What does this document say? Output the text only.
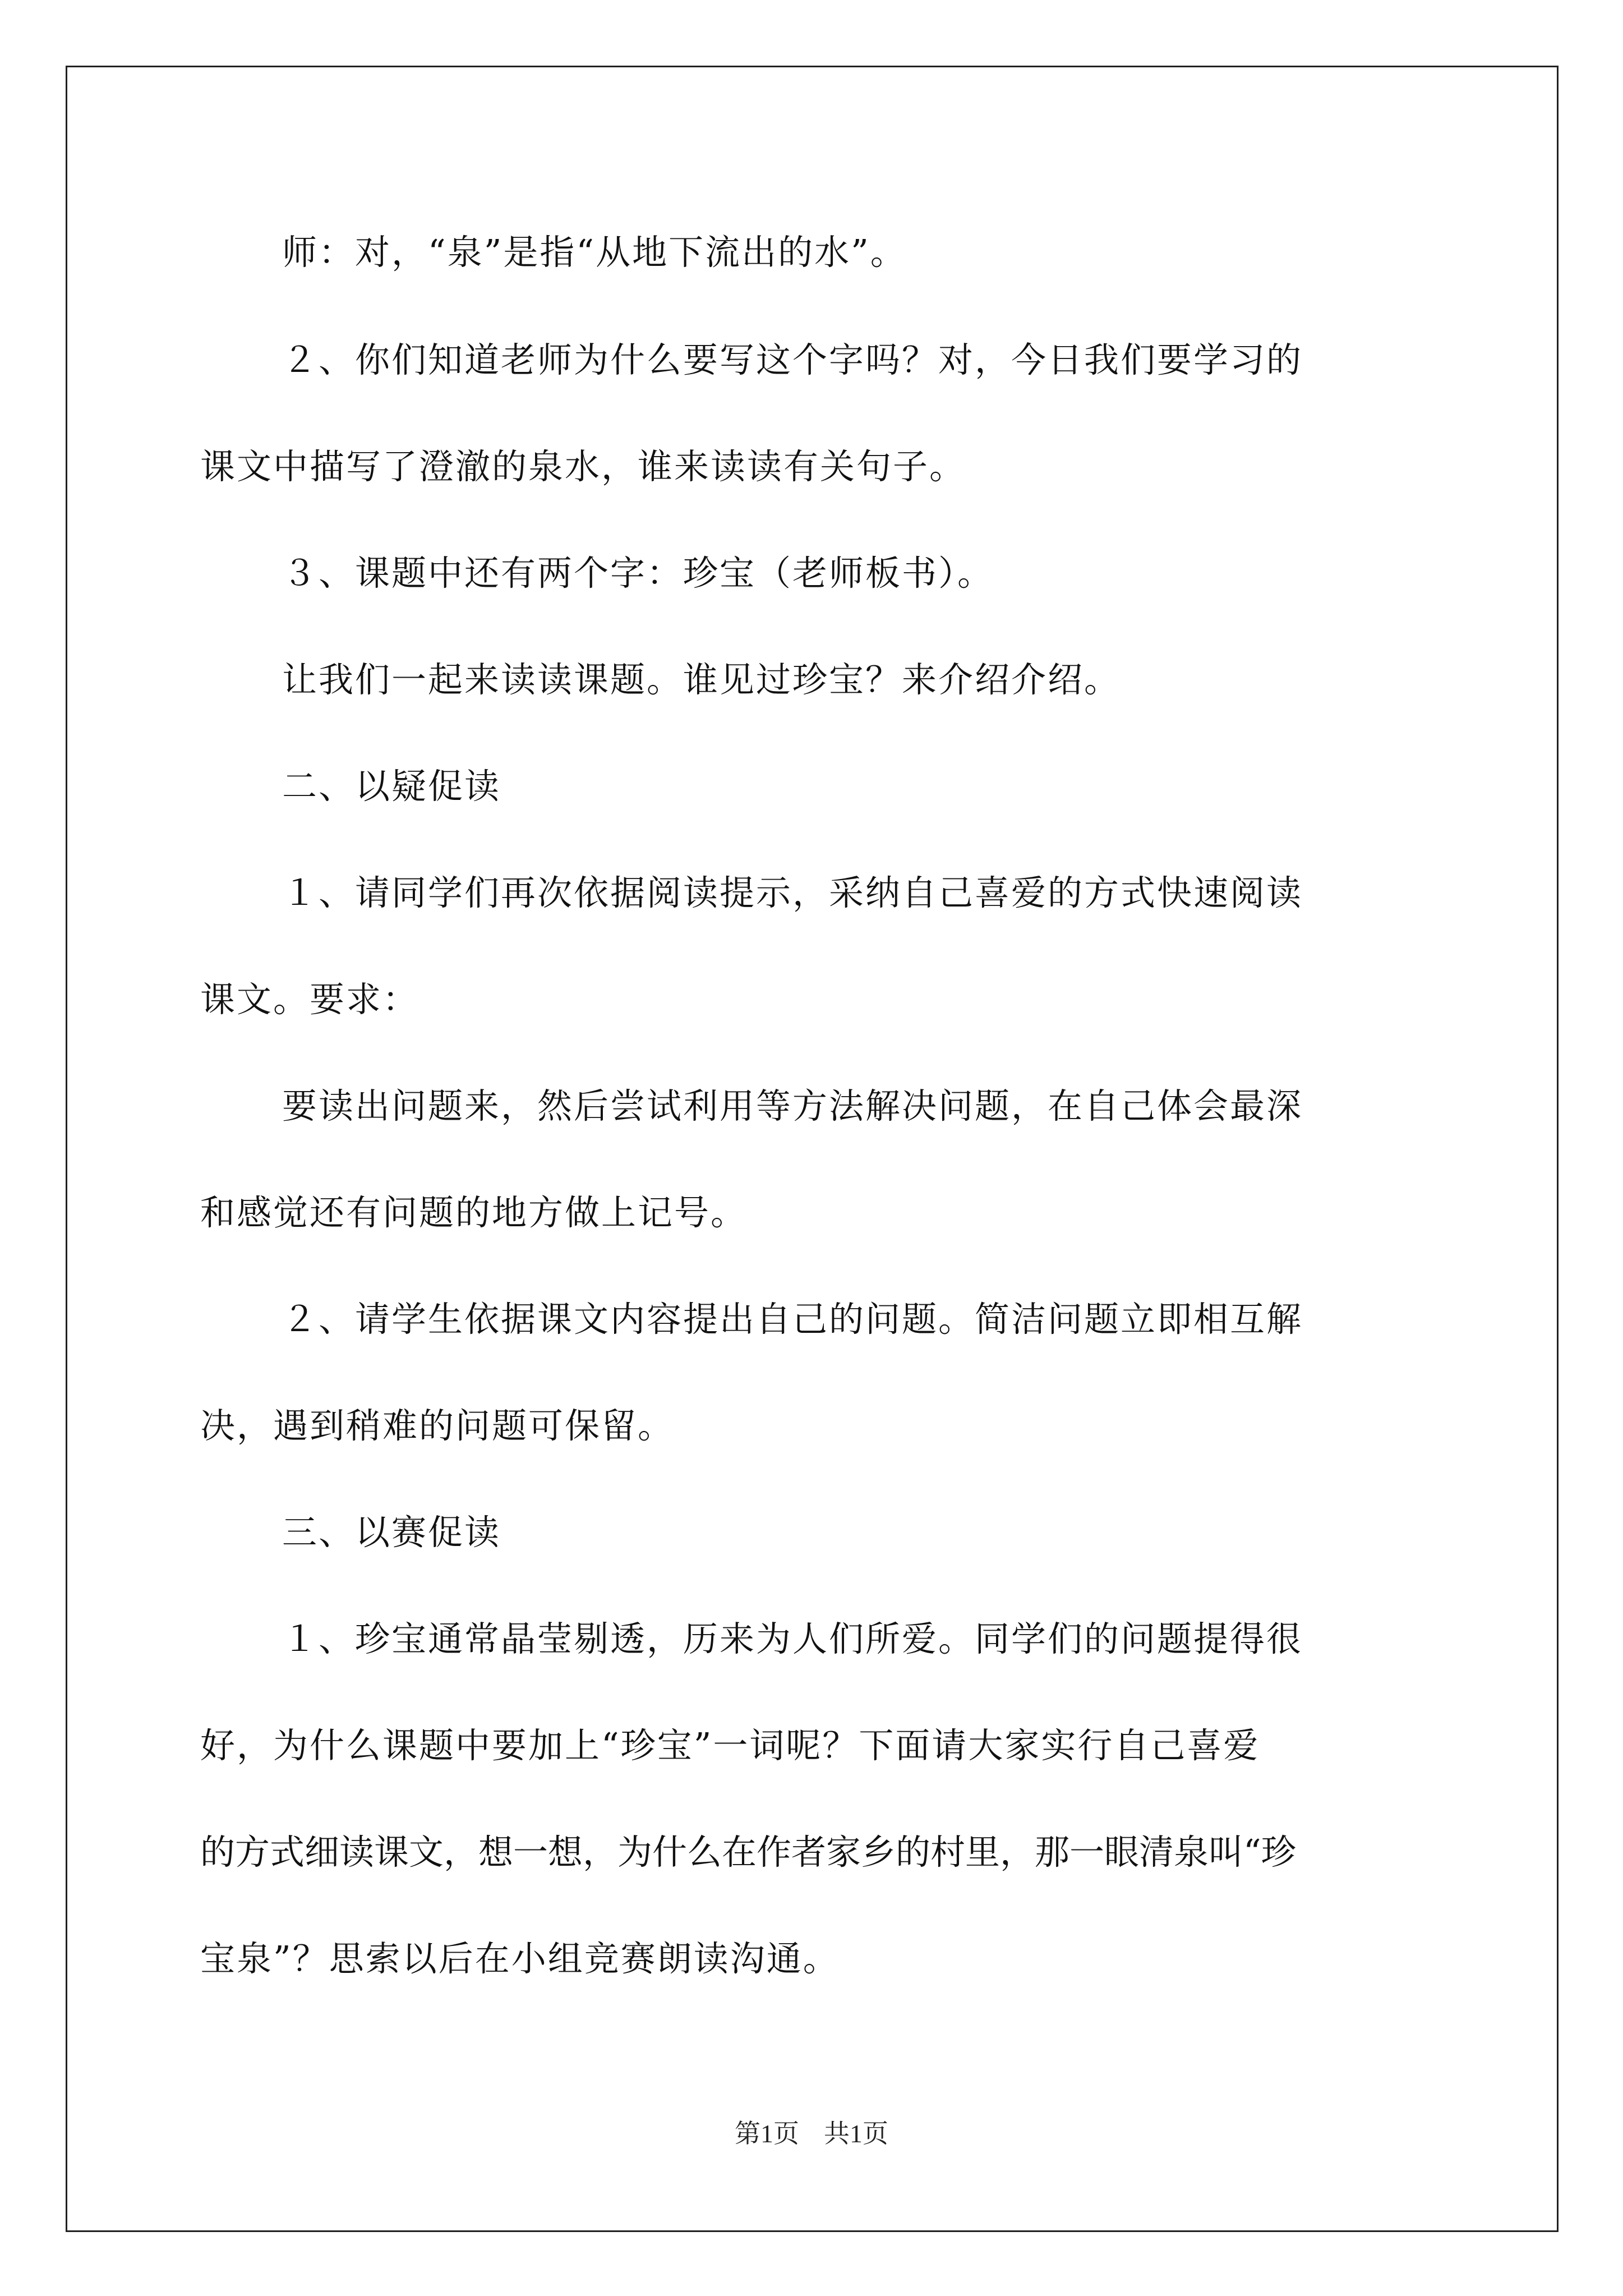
师：对，“泉”是指“从地下流出的水”。
２、你们知道老师为什么要写这个字吗？对，今日我们要学习的
课文中描写了澄澈的泉水，谁来读读有关句子。
３、课题中还有两个字：珍宝（老师板书）。
让我们一起来读读课题。谁见过珍宝？来介绍介绍。
二、以疑促读
１、请同学们再次依据阅读提示，采纳自己喜爱的方式快速阅读
课文。要求：
要读出问题来，然后尝试利用等方法解决问题，在自己体会最深
和感觉还有问题的地方做上记号。
２、请学生依据课文内容提出自己的问题。简洁问题立即相互解
决，遇到稍难的问题可保留。
三、以赛促读
１、珍宝通常晶莹剔透，历来为人们所爱。同学们的问题提得很
好，为什么课题中要加上“珍宝”一词呢？下面请大家实行自己喜爱
的方式细读课文，想一想，为什么在作者家乡的村里，那一眼清泉叫“珍
宝泉”？思索以后在小组竞赛朗读沟通。
第1页 共1页
